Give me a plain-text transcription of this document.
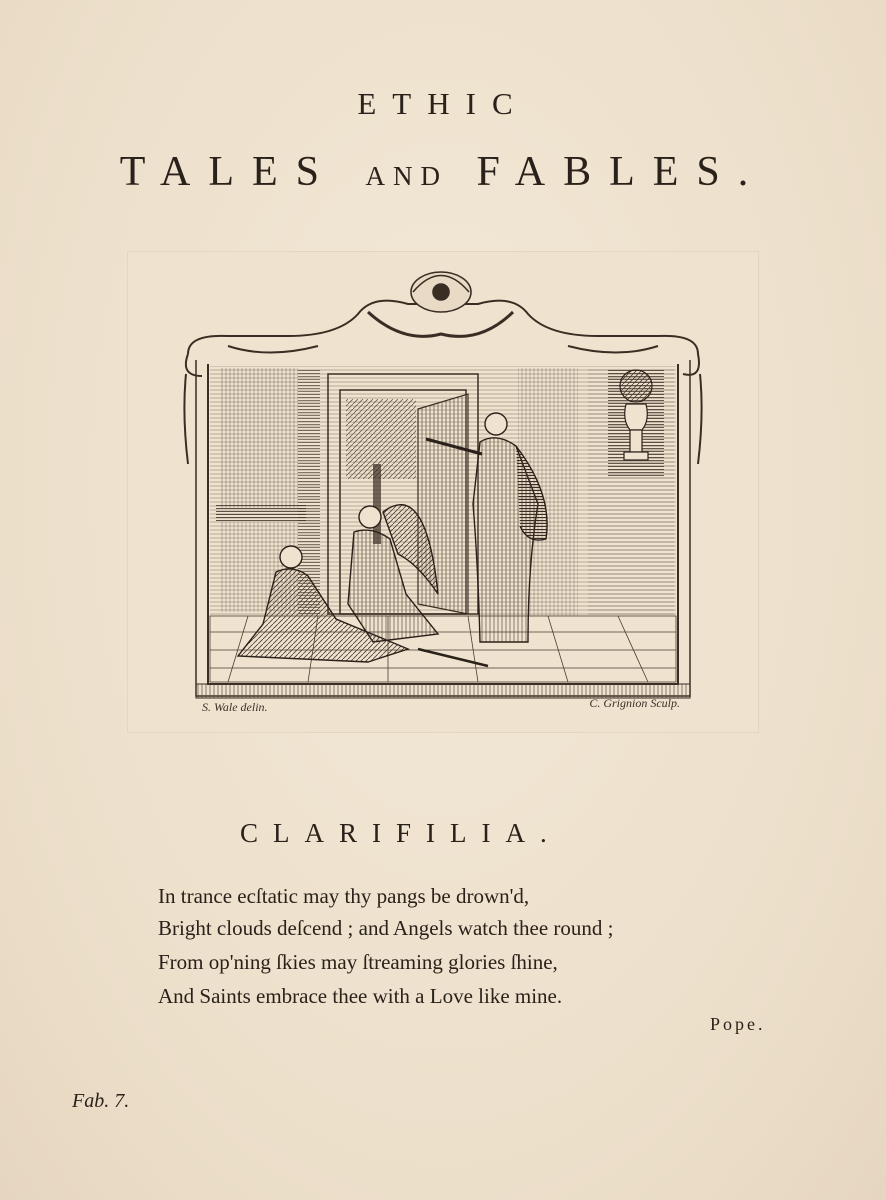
ETHIC
TALES AND FABLES.
S. Wale delin.	C. Grignion Sculp.
CLARIFILIA.
In trance ecſtatic may thy pangs be drown'd,
Bright clouds deſcend ; and Angels watch thee round ;
From op'ning ſkies may ſtreaming glories ſhine,
And Saints embrace thee with a Love like mine.
Pope.
Fab. 7.
